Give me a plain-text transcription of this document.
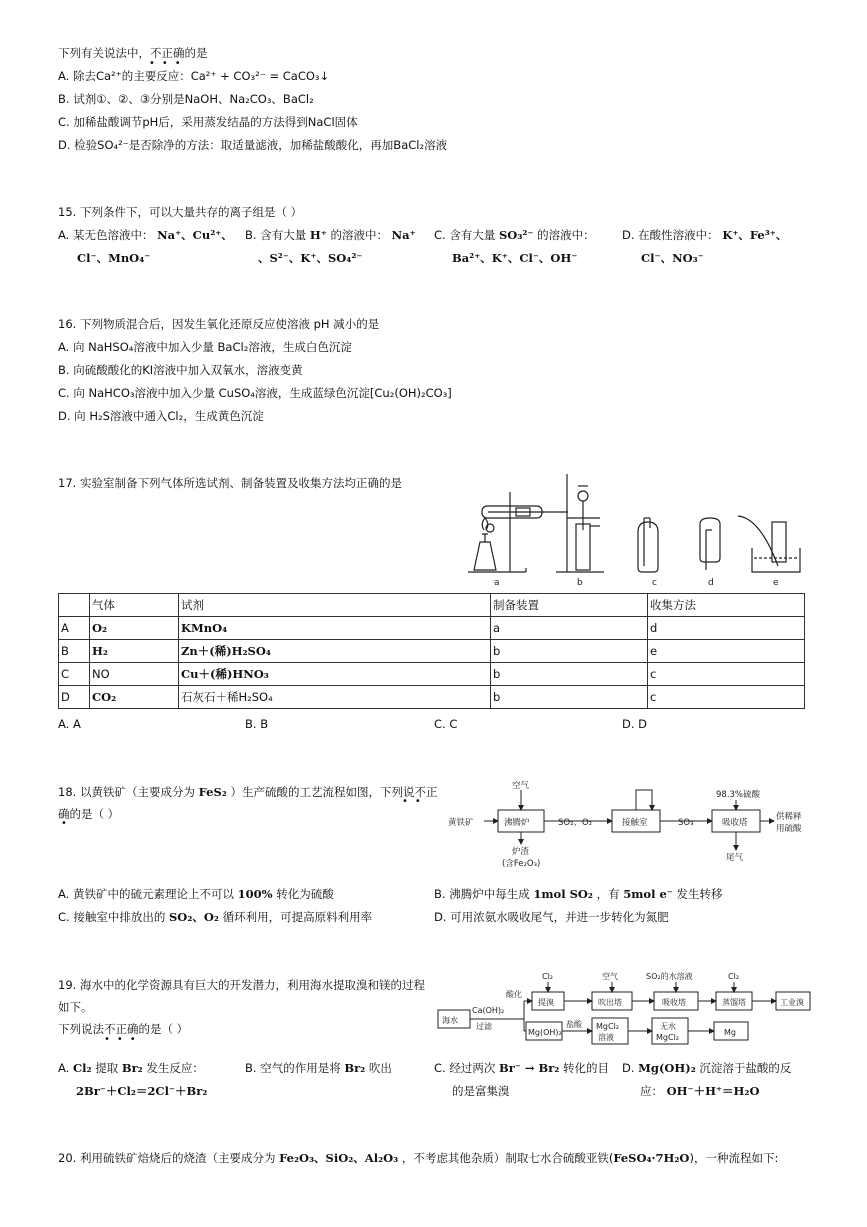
下列有关说法中，不正确的是
•••
A. 除去Ca²⁺的主要反应：Ca²⁺ + CO₃²⁻ = CaCO₃↓
B. 试剂①、②、③分别是NaOH、Na₂CO₃、BaCl₂
C. 加稀盐酸调节pH后，采用蒸发结晶的方法得到NaCl固体
D. 检验SO₄²⁻是否除净的方法：取适量滤液，加稀盐酸酸化，再加BaCl₂溶液
15. 下列条件下，可以大量共存的离子组是（ ）
A. 某无色溶液中： Na⁺、Cu²⁺、
Cl⁻、MnO₄⁻
B. 含有大量 H⁺ 的溶液中： Na⁺
、S²⁻、K⁺、SO₄²⁻
C. 含有大量 SO₃²⁻ 的溶液中：
Ba²⁺、K⁺、Cl⁻、OH⁻
D. 在酸性溶液中： K⁺、Fe³⁺、
Cl⁻、NO₃⁻
16. 下列物质混合后，因发生氧化还原反应使溶液 pH 减小的是
A. 向 NaHSO₄溶液中加入少量 BaCl₂溶液，生成白色沉淀
B. 向硫酸酸化的KI溶液中加入双氧水，溶液变黄
C. 向 NaHCO₃溶液中加入少量 CuSO₄溶液，生成蓝绿色沉淀[Cu₂(OH)₂CO₃]
D. 向 H₂S溶液中通入Cl₂，生成黄色沉淀
17. 实验室制备下列气体所选试剂、制备装置及收集方法均正确的是
a	b	c	d	e
	气体	试剂	制备装置	收集方法
A	O₂	KMnO₄	a	d
B	H₂	Zn＋(稀)H₂SO₄	b	e
C	NO	Cu＋(稀)HNO₃	b	c
D	CO₂	石灰石＋稀H₂SO₄	b	c
A. A	B. B	C. C	D. D
18. 以黄铁矿（主要成分为 FeS₂ ）生产硫酸的工艺流程如图，下列说不正
••
确的是（ ）
•
空气
黄铁矿	沸腾炉	SO₂、O₂	接触室	SO₃	吸收塔
98.3%硫酸
供稀释
用硫酸
炉渣
(含Fe₂O₃)
尾气
A. 黄铁矿中的硫元素理论上不可以 100% 转化为硫酸	B. 沸腾炉中每生成 1mol SO₂ ，有 5mol e⁻ 发生转移
C. 接触室中排放出的 SO₂、O₂ 循环利用，可提高原料利用率	D. 可用浓氨水吸收尾气，并进一步转化为氮肥
19. 海水中的化学资源具有巨大的开发潜力，利用海水提取溴和镁的过程
如下。
下列说法不正确的是（ ）
•••
海水
Ca(OH)₂
过滤
酸化
Cl₂
提溴
空气
吹出塔
SO₂的水溶液
吸收塔
Cl₂
蒸馏塔	工业溴
Mg(OH)₂
盐酸 MgCl₂
溶液
无水
MgCl₂
Mg
A. Cl₂ 提取 Br₂ 发生反应：
2Br⁻＋Cl₂＝2Cl⁻＋Br₂
B. 空气的作用是将 Br₂ 吹出	C. 经过两次 Br⁻ → Br₂ 转化的目
的是富集溴
D. Mg(OH)₂ 沉淀溶于盐酸的反
应： OH⁻＋H⁺＝H₂O
20. 利用硫铁矿焙烧后的烧渣（主要成分为 Fe₂O₃、SiO₂、Al₂O₃ ，不考虑其他杂质）制取七水合硫酸亚铁(FeSO₄·7H₂O)，一种流程如下:
